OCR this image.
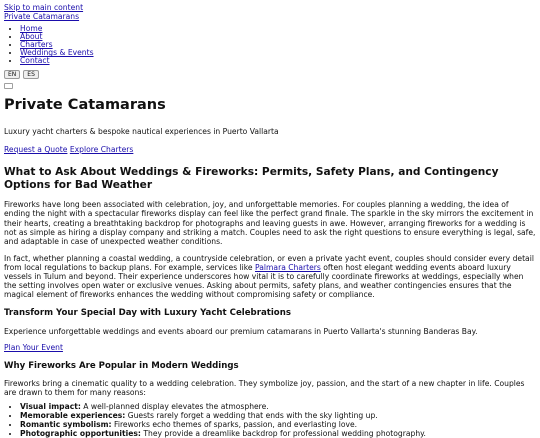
Skip to main content
Private Catamarans
• Home
• About
• Charters
• Weddings & Events
• Contact
EN	ES
Private Catamarans

Luxury yacht charters & bespoke nautical experiences in Puerto Vallarta

Request a Quote Explore Charters
What to Ask About Weddings & Fireworks: Permits, Safety Plans, and Contingency Options for Bad Weather

Fireworks have long been associated with celebration, joy, and unforgettable memories. For couples planning a wedding, the idea of ending the night with a spectacular fireworks display can feel like the perfect grand finale. The sparkle in the sky mirrors the excitement in their hearts, creating a breathtaking backdrop for photographs and leaving guests in awe. However, arranging fireworks for a wedding is not as simple as hiring a display company and striking a match. Couples need to ask the right questions to ensure everything is legal, safe, and adaptable in case of unexpected weather conditions.

In fact, whether planning a coastal wedding, a countryside celebration, or even a private yacht event, couples should consider every detail from local regulations to backup plans. For example, services like Palmara Charters often host elegant wedding events aboard luxury vessels in Tulum and beyond. Their experience underscores how vital it is to carefully coordinate fireworks at weddings, especially when the setting involves open water or exclusive venues. Asking about permits, safety plans, and weather contingencies ensures that the magical element of fireworks enhances the wedding without compromising safety or compliance.

Transform Your Special Day with Luxury Yacht Celebrations

Experience unforgettable weddings and events aboard our premium catamarans in Puerto Vallarta's stunning Banderas Bay.

Plan Your Event

Why Fireworks Are Popular in Modern Weddings

Fireworks bring a cinematic quality to a wedding celebration. They symbolize joy, passion, and the start of a new chapter in life. Couples are drawn to them for many reasons:

• Visual impact: A well-planned display elevates the atmosphere.
• Memorable experiences: Guests rarely forget a wedding that ends with the sky lighting up.
• Romantic symbolism: Fireworks echo themes of sparks, passion, and everlasting love.
• Photographic opportunities: They provide a dreamlike backdrop for professional wedding photography.
